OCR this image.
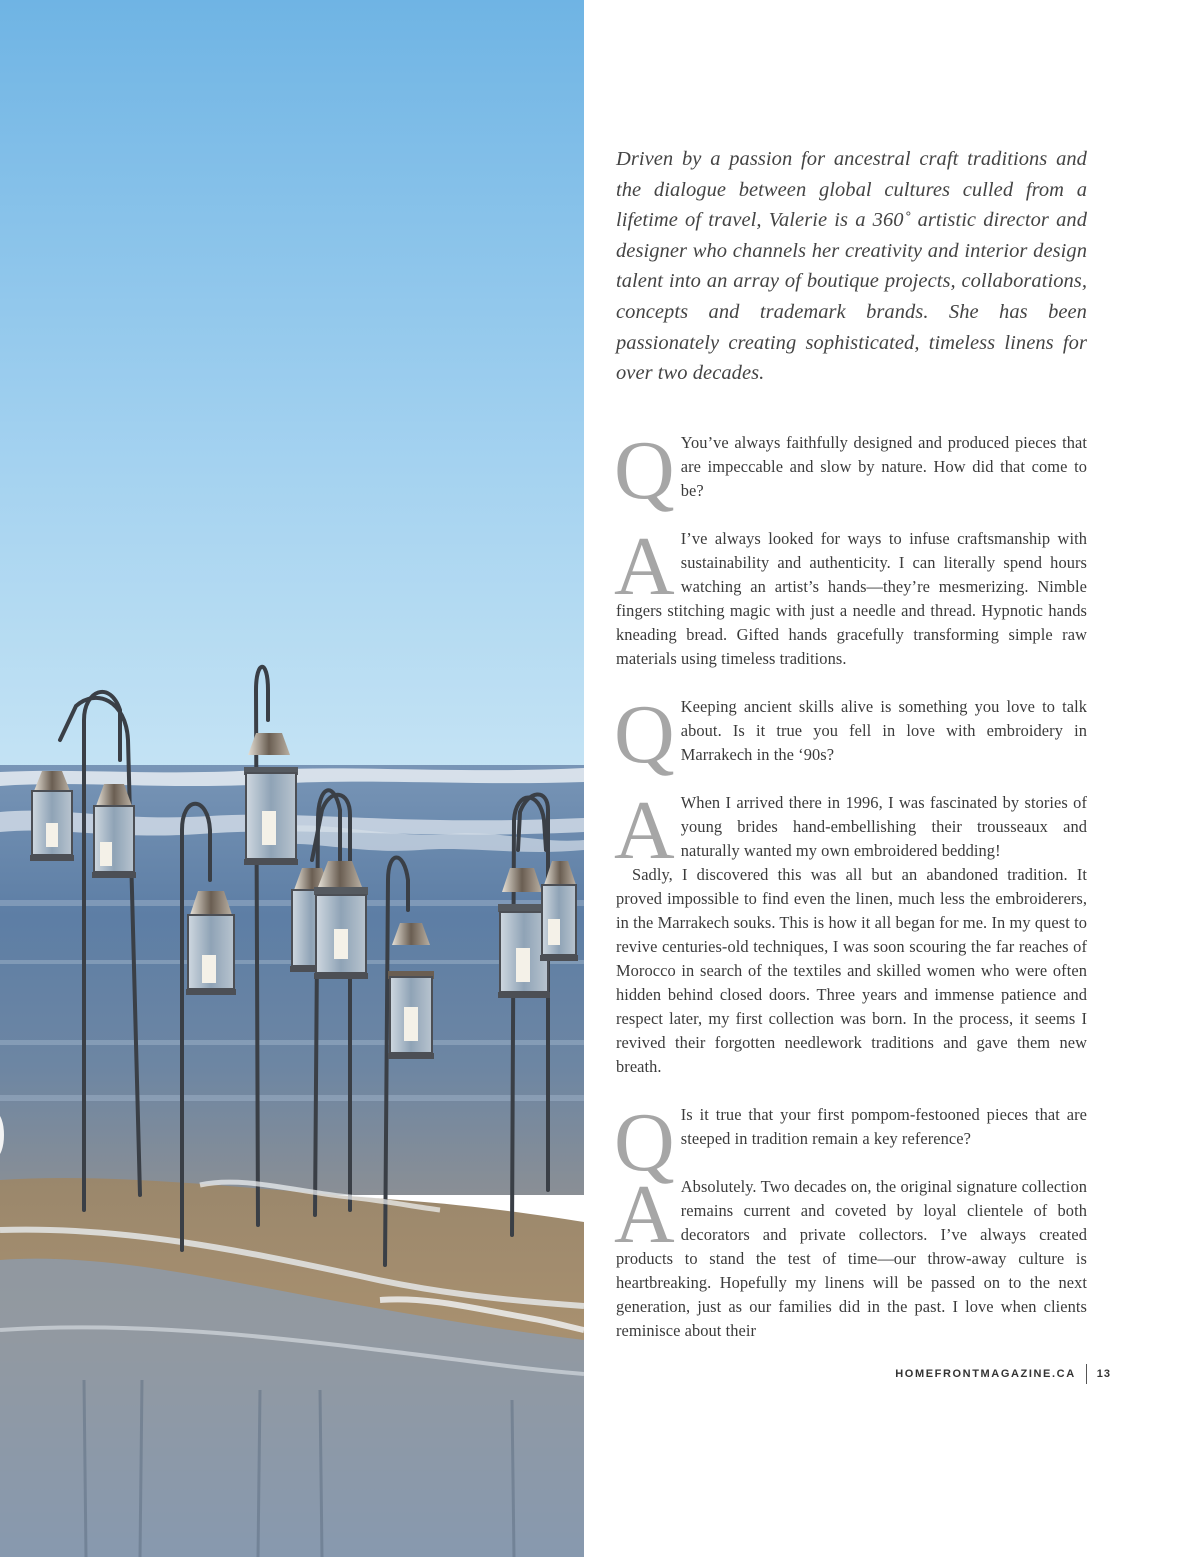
Driven by a passion for ancestral craft traditions and the dialogue between global cultures culled from a lifetime of travel, Valerie is a 360˚ artistic director and designer who channels her creativity and interior design talent into an array of boutique projects, collaborations, concepts and trademark brands. She has been passionately creating sophisticated, timeless linens for over two decades.

Q You’ve always faithfully designed and produced pieces that are impeccable and slow by nature. How did that come to be?

A I’ve always looked for ways to infuse craftsmanship with sustainability and authenticity. I can literally spend hours watching an artist’s hands—they’re mesmerizing. Nimble fingers stitching magic with just a needle and thread. Hypnotic hands kneading bread. Gifted hands gracefully transforming simple raw materials using timeless traditions.

Q Keeping ancient skills alive is something you love to talk about. Is it true you fell in love with embroidery in Marrakech in the ‘90s?

A When I arrived there in 1996, I was fascinated by stories of young brides hand-embellishing their trousseaux and naturally wanted my own embroidered bedding!

Sadly, I discovered this was all but an abandoned tradition. It proved impossible to find even the linen, much less the embroiderers, in the Marrakech souks. This is how it all began for me. In my quest to revive centuries-old techniques, I was soon scouring the far reaches of Morocco in search of the textiles and skilled women who were often hidden behind closed doors. Three years and immense patience and respect later, my first collection was born. In the process, it seems I revived their forgotten needlework traditions and gave them new breath.

Q Is it true that your first pompom-festooned pieces that are steeped in tradition remain a key reference?

A Absolutely. Two decades on, the original signature collection remains current and coveted by loyal clientele of both decorators and private collectors. I’ve always created products to stand the test of time—our throw-away culture is heartbreaking. Hopefully my linens will be passed on to the next generation, just as our families did in the past. I love when clients reminisce about their

HOMEFRONTMAGAZINE.CA 13
